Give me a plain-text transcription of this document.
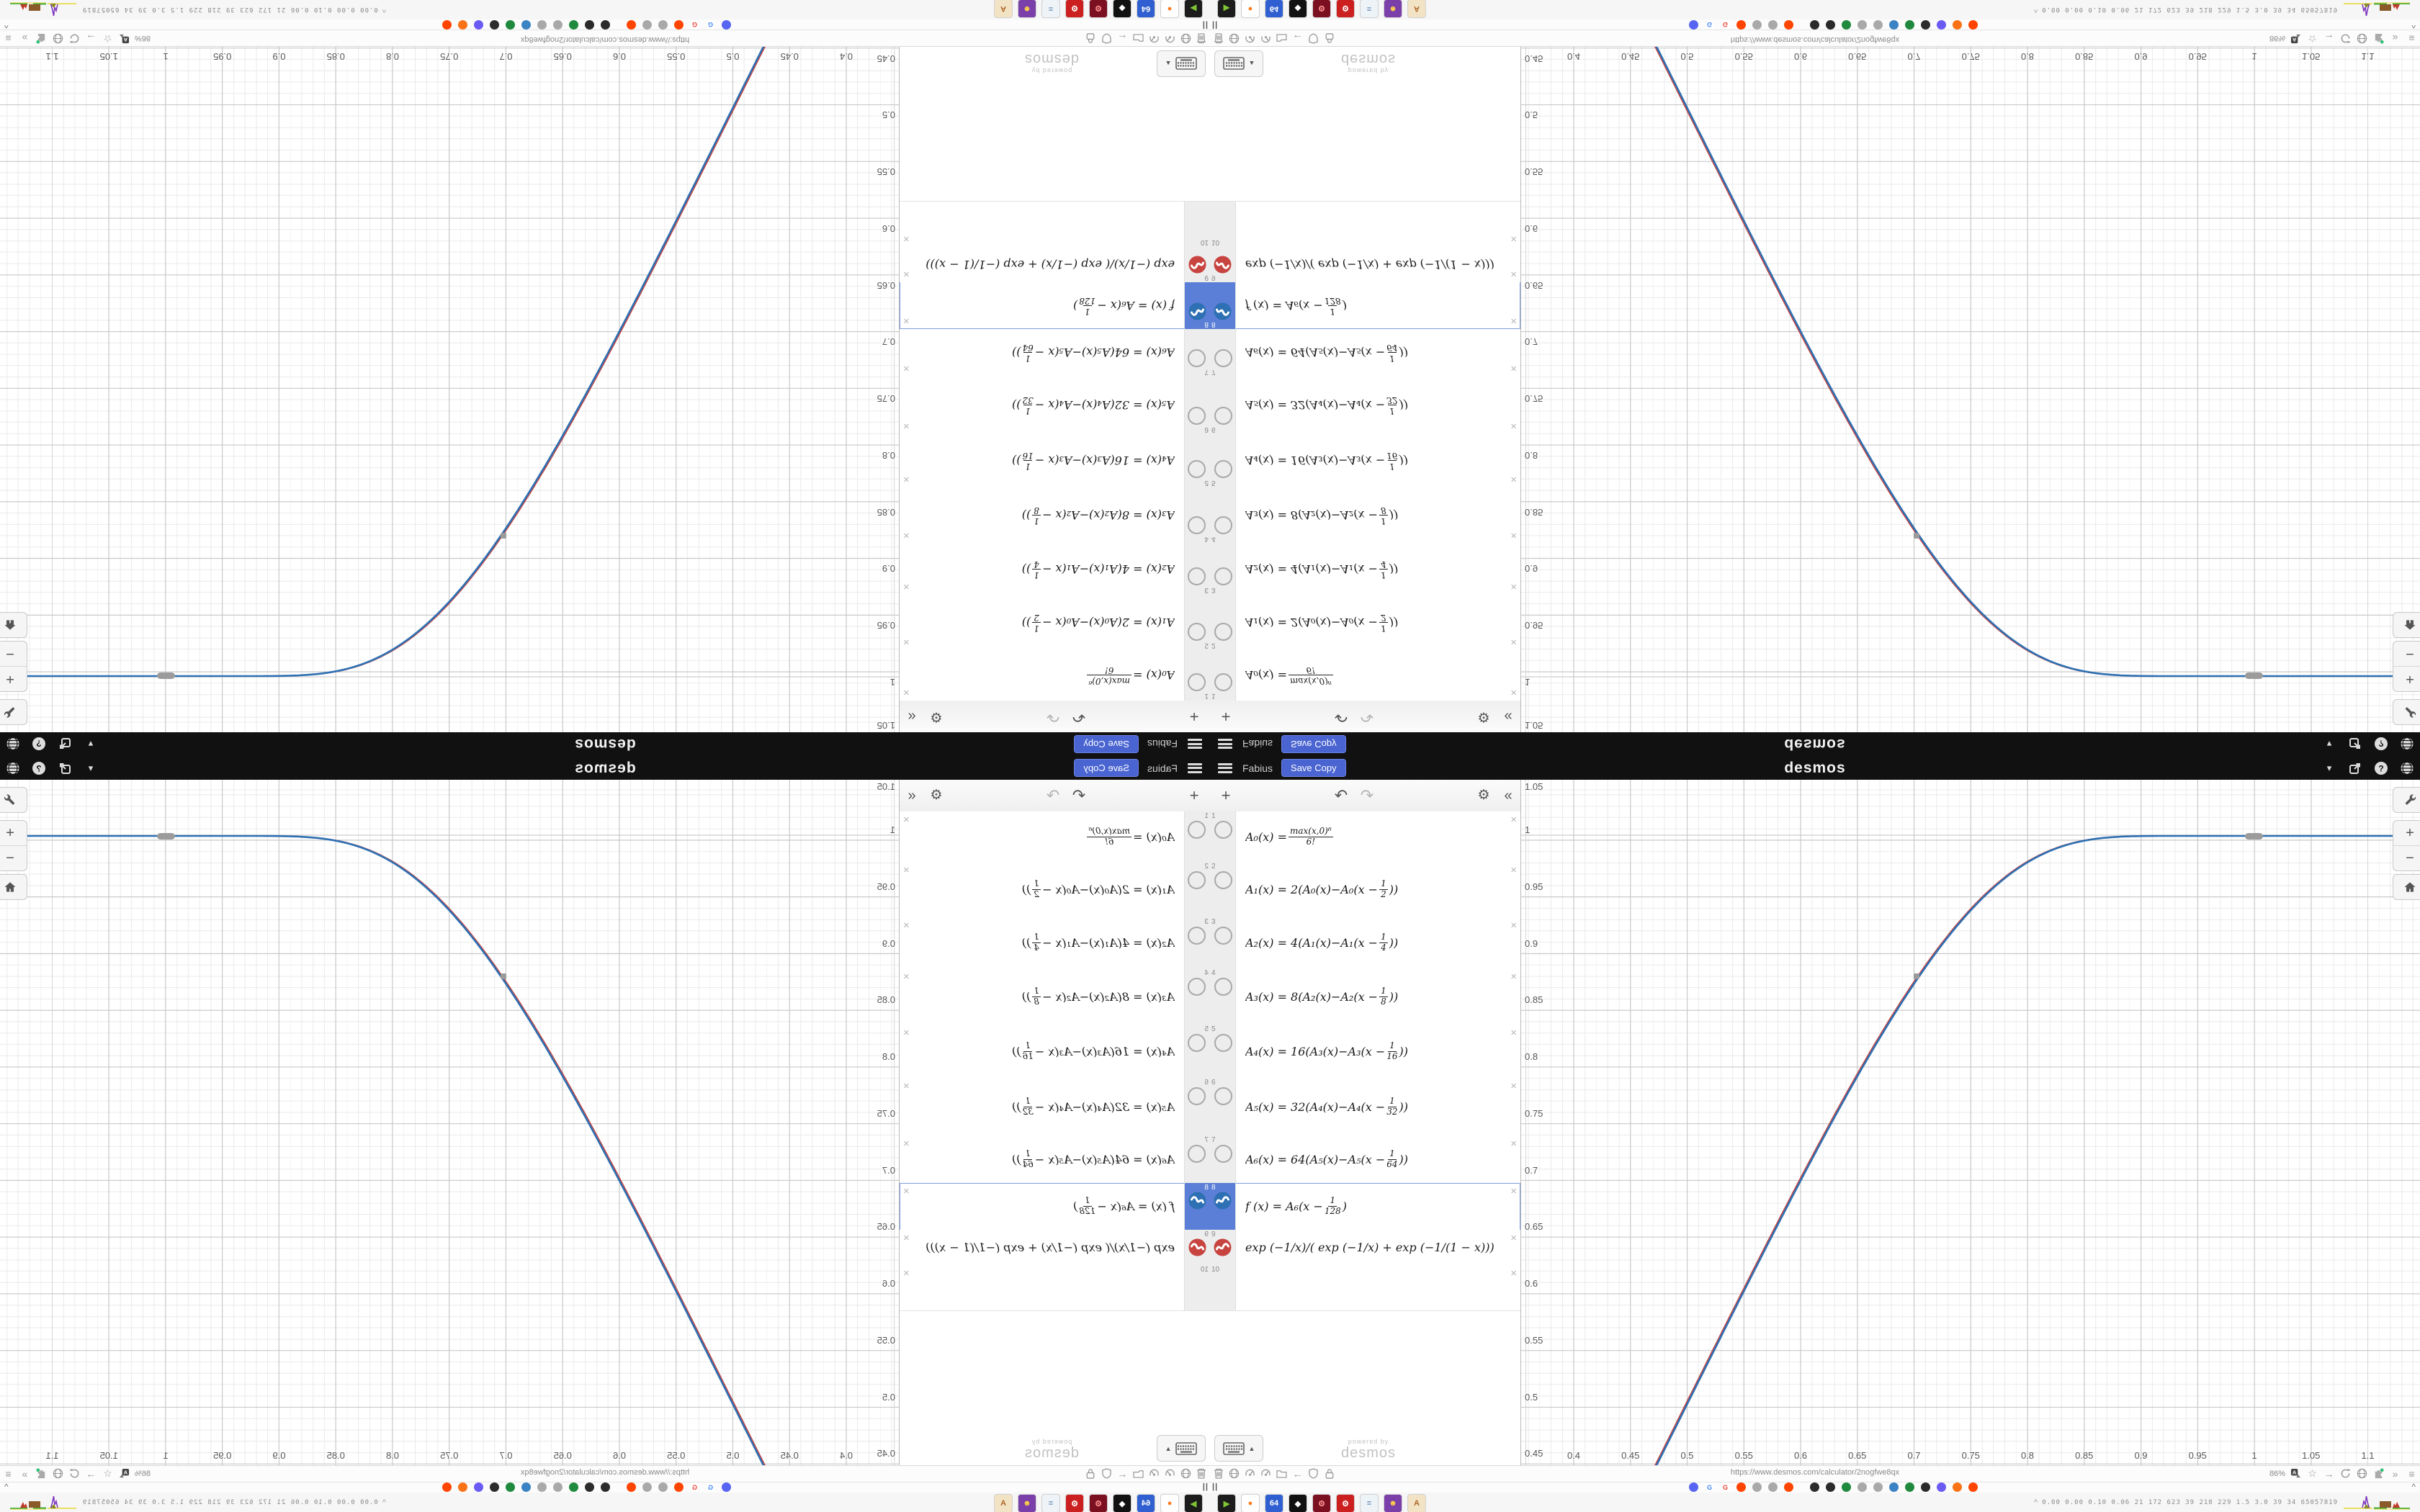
Fabius	Save Copy	desmos	▾	?
+	↶ ↷	⚙ «
1
$A_0(x) = \frac{\text{max(x,0)⁶}}{6!}$
×
2
$A_1(x) = 2(A_0(x)-A_0(x - \frac{1}{2}$ ))
×
3
$A_2(x) = 4(A_1(x)-A_1(x - \frac{1}{4}$ ))
×
4
$A_3(x) = 8(A_2(x)-A_2(x - \frac{1}{8}$ ))
×
5
$A_4(x) = 16(A_3(x)-A_3(x - \frac{1}{16}$ ))
×
6
$A_5(x) = 32(A_4(x)-A_4(x - \frac{1}{32}$ ))
×
7
$A_6(x) = 64(A_5(x)-A_5(x - \frac{1}{64}$ ))
×
8
f $(x) = A_6(x - \frac{1}{128}$ )
×
9
exp (−1/x)/( exp (−1/x) + exp (−1/(1 − x)))
×
10	×
▲
powered by
desmos
1.05
1
0.95
0.9
0.85
0.8
0.75
0.7
0.65
0.6
0.55
0.5
0.45	0.4	0.45	0.5	0.55	0.6	0.65	0.7	0.75	0.8	0.85	0.9	0.95	1	1.05	1.1
+
−
←	https://www.desmos.com/calculator/2nogfwe8qx	86% A ☆ →	»	≡
||	G	G	^
▶	●	64	◆	⚙	⚙	≡	☻	A	^ 0.00 0.00 0.10 0.06 21 172 623 39 218 229 1.5 3.0 39 34 65057819
Fabius
Save Copy
desmos
▾
?
+
↶
↷
⚙
«
1
A₀(x) =
$\frac{\text{max(x,0)⁶}}{6!}$
×
2
A₁(x) = 2(A₀(x)−A₀(x −
$\frac{1}{2}$
))
×
3
A₂(x) = 4(A₁(x)−A₁(x −
$\frac{1}{4}$
))
×
4
A₃(x) = 8(A₂(x)−A₂(x −
$\frac{1}{8}$
))
×
5
A₄(x) = 16(A₃(x)−A₃(x −
$\frac{1}{16}$
))
×
6
A₅(x) = 32(A₄(x)−A₄(x −
$\frac{1}{32}$
))
×
7
A₆(x) = 64(A₅(x)−A₅(x −
$\frac{1}{64}$
))
×
8
f (x) = A₆(x −
$\frac{1}{128}$
)
×
9
exp (−1/x)/( exp (−1/x) + exp (−1/(1 − x)))
×
10
×
▲
powered by
desmos
1.05
1
0.95
0.9
0.85
0.8
0.75
0.7
0.65
0.6
0.55
0.5
0.45
0.4
0.45
0.5
0.55
0.6
0.65
0.7
0.75
0.8
0.85
0.9
0.95
1
1.05
1.1
+
−
←
https://www.desmos.com/calculator/2nogfwe8qx
86%
A
☆
→
»
≡
||
G
G
^
▶
●
64
◆
⚙
⚙
≡
☻
A
^
0.00 0.00 0.10 0.06 21 172 623 39 218 229 1.5 3.0 39 34 65057819
Fabius	Save Copy	desmos	▾	?
+	↶ ↷	⚙ «
1
A₀(x) = max(x,0)⁶
6!
×
2
A₁(x) = 2(A₀(x)−A₀(x − 1
2 ))
×
3
A₂(x) = 4(A₁(x)−A₁(x − 1
4 ))
×
4
A₃(x) = 8(A₂(x)−A₂(x − 1
8 ))
×
5
A₄(x) = 16(A₃(x)−A₃(x − 1
16 ))
×
6
A₅(x) = 32(A₄(x)−A₄(x − 1
32 ))
×
7
A₆(x) = 64(A₅(x)−A₅(x − 1
64 ))
×
8
f (x) = A₆(x − 1
128 )
×
9
exp (−1/x)/( exp (−1/x) + exp (−1/(1 − x)))
×
10	×
▲
powered by
desmos
1.05
1
0.95
0.9
0.85
0.8
0.75
0.7
0.65
0.6
0.55
0.5
0.45	0.4	0.45	0.5	0.55	0.6	0.65	0.7	0.75	0.8	0.85	0.9	0.95	1	1.05	1.1
+
−
←	https://www.desmos.com/calculator/2nogfwe8qx	86% A ☆ →	»	≡
||	G	G	^
▶	●	64	◆	⚙	⚙	≡	☻	A	^ 0.00 0.00 0.10 0.06 21 172 623 39 218 229 1.5 3.0 39 34 65057819
Fabius
Save Copy
desmos
▾
?
+
↶
↷
⚙
«
1
A₀(x) =
max(x,0)⁶
6!
×
2
A₁(x) = 2(A₀(x)−A₀(x −
1
2
))
×
3
A₂(x) = 4(A₁(x)−A₁(x −
1
4
))
×
4
A₃(x) = 8(A₂(x)−A₂(x −
1
8
))
×
5
A₄(x) = 16(A₃(x)−A₃(x −
1
16
))
×
6
A₅(x) = 32(A₄(x)−A₄(x −
1
32
))
×
7
A₆(x) = 64(A₅(x)−A₅(x −
1
64
))
×
8
f (x) = A₆(x −
1
128
)
×
9
exp (−1/x)/( exp (−1/x) + exp (−1/(1 − x)))
×
10
×
▲
powered by
desmos
1.05
1
0.95
0.9
0.85
0.8
0.75
0.7
0.65
0.6
0.55
0.5
0.45
0.4
0.45
0.5
0.55
0.6
0.65
0.7
0.75
0.8
0.85
0.9
0.95
1
1.05
1.1
+
−
←
https://www.desmos.com/calculator/2nogfwe8qx
86%
A
☆
→
»
≡
||
G
G
^
▶
●
64
◆
⚙
⚙
≡
☻
A
^
0.00 0.00 0.10 0.06 21 172 623 39 218 229 1.5 3.0 39 34 65057819
